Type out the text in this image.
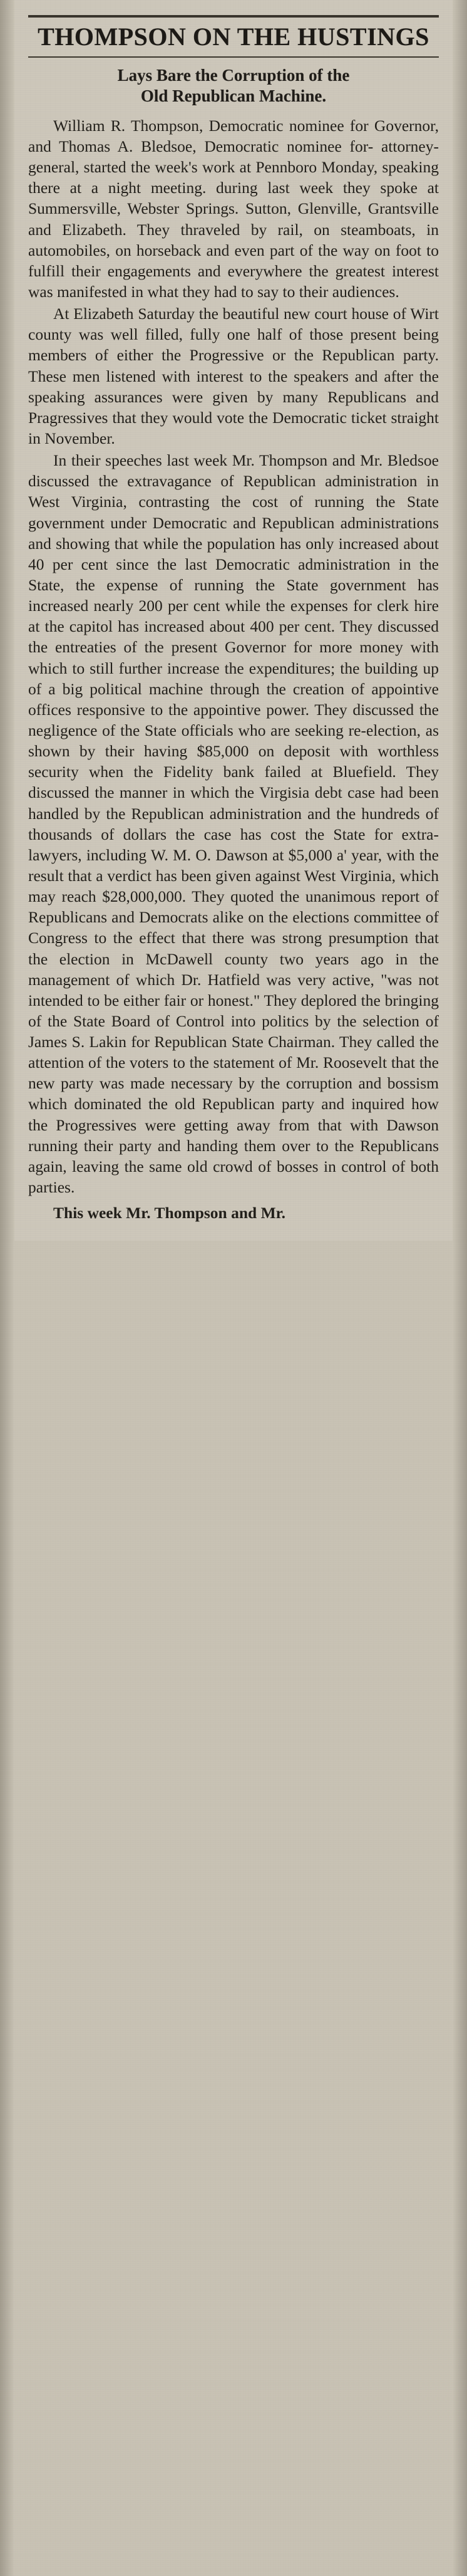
THOMPSON ON THE HUSTINGS
Lays Bare the Corruption of the
Old Republican Machine.

William R. Thompson, Democratic nominee for Governor, and Thomas A. Bledsoe, Democratic nominee for- attorney-general, started the week's work at Pennboro Monday, speaking there at a night meeting. during last week they spoke at Summersville, Webster Springs. Sutton, Glenville, Grantsville and Elizabeth. They thraveled by rail, on steamboats, in automobiles, on horseback and even part of the way on foot to fulfill their engagements and everywhere the greatest interest was manifested in what they had to say to their audiences.

At Elizabeth Saturday the beautiful new court house of Wirt county was well filled, fully one half of those present being members of either the Progressive or the Republican party. These men listened with interest to the speakers and after the speaking assurances were given by many Republicans and Pragressives that they would vote the Democratic ticket straight in November.

In their speeches last week Mr. Thompson and Mr. Bledsoe discussed the extravagance of Republican administration in West Virginia, contrasting the cost of running the State government under Democratic and Republican administrations and showing that while the population has only increased about 40 per cent since the last Democratic administration in the State, the expense of running the State government has increased nearly 200 per cent while the expenses for clerk hire at the capitol has increased about 400 per cent. They discussed the entreaties of the present Governor for more money with which to still further increase the expenditures; the building up of a big political machine through the creation of appointive offices responsive to the appointive power. They discussed the negligence of the State officials who are seeking re-election, as shown by their having $85,000 on deposit with worthless security when the Fidelity bank failed at Bluefield. They discussed the manner in which the Virgisia debt case had been handled by the Republican administration and the hundreds of thousands of dollars the case has cost the State for extra- lawyers, including W. M. O. Dawson at $5,000 a' year, with the result that a verdict has been given against West Virginia, which may reach $28,000,000. They quoted the unanimous report of Republicans and Democrats alike on the elections committee of Congress to the effect that there was strong presumption that the election in McDawell county two years ago in the management of which Dr. Hatfield was very active, "was not intended to be either fair or honest." They deplored the bringing of the State Board of Control into politics by the selection of James S. Lakin for Republican State Chairman. They called the attention of the voters to the statement of Mr. Roosevelt that the new party was made necessary by the corruption and bossism which dominated the old Republican party and inquired how the Progressives were getting away from that with Dawson running their party and handing them over to the Republicans again, leaving the same old crowd of bosses in control of both parties.

This week Mr. Thompson and Mr.
